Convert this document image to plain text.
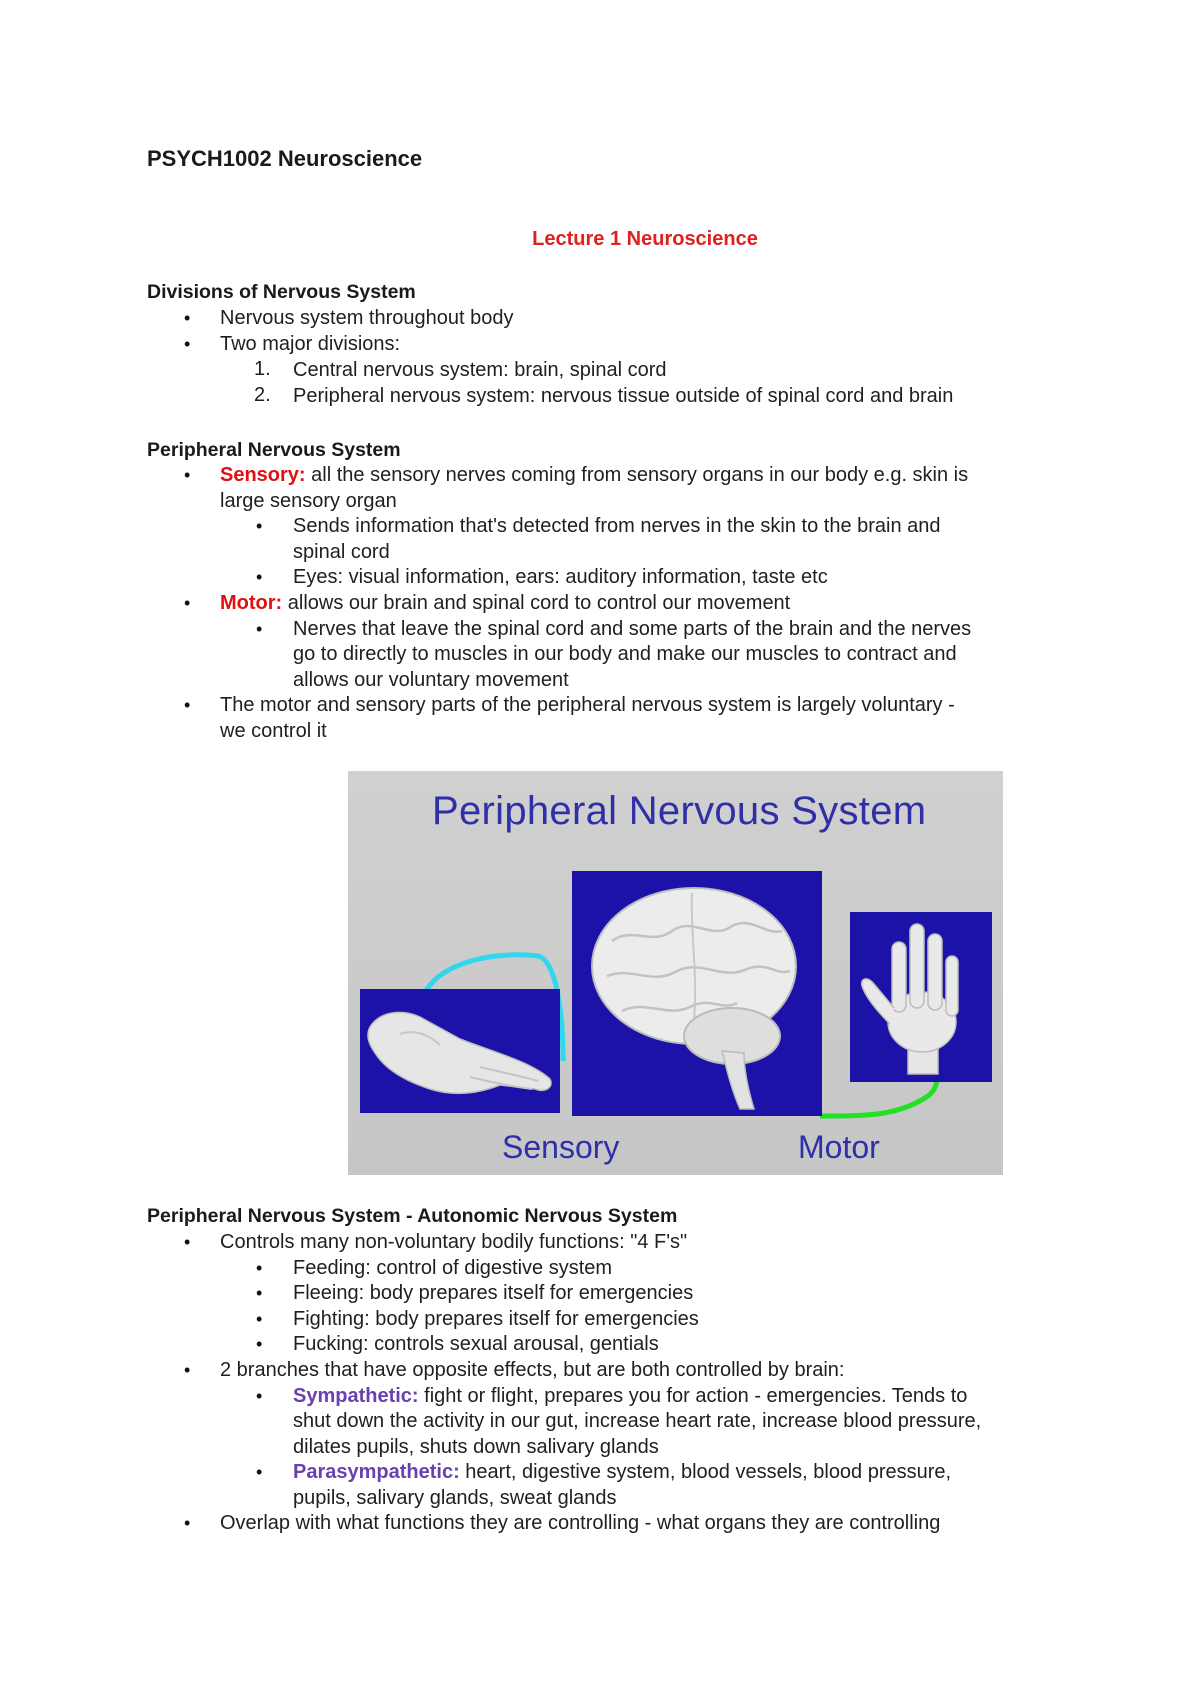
PSYCH1002 Neuroscience
Lecture 1 Neuroscience
Divisions of Nervous System
• Nervous system throughout body
• Two major divisions:
1. Central nervous system: brain, spinal cord
2. Peripheral nervous system: nervous tissue outside of spinal cord and brain
Peripheral Nervous System
• Sensory: all the sensory nerves coming from sensory organs in our body e.g. skin is
large sensory organ
• Sends information that's detected from nerves in the skin to the brain and
spinal cord
• Eyes: visual information, ears: auditory information, taste etc
• Motor: allows our brain and spinal cord to control our movement
• Nerves that leave the spinal cord and some parts of the brain and the nerves
go to directly to muscles in our body and make our muscles to contract and
allows our voluntary movement
• The motor and sensory parts of the peripheral nervous system is largely voluntary -
we control it
Peripheral Nervous System
Sensory	Motor
Peripheral Nervous System - Autonomic Nervous System
• Controls many non-voluntary bodily functions: "4 F's"
• Feeding: control of digestive system
• Fleeing: body prepares itself for emergencies
• Fighting: body prepares itself for emergencies
• Fucking: controls sexual arousal, gentials
• 2 branches that have opposite effects, but are both controlled by brain:
• Sympathetic: fight or flight, prepares you for action - emergencies. Tends to
shut down the activity in our gut, increase heart rate, increase blood pressure,
dilates pupils, shuts down salivary glands
• Parasympathetic: heart, digestive system, blood vessels, blood pressure,
pupils, salivary glands, sweat glands
• Overlap with what functions they are controlling - what organs they are controlling
